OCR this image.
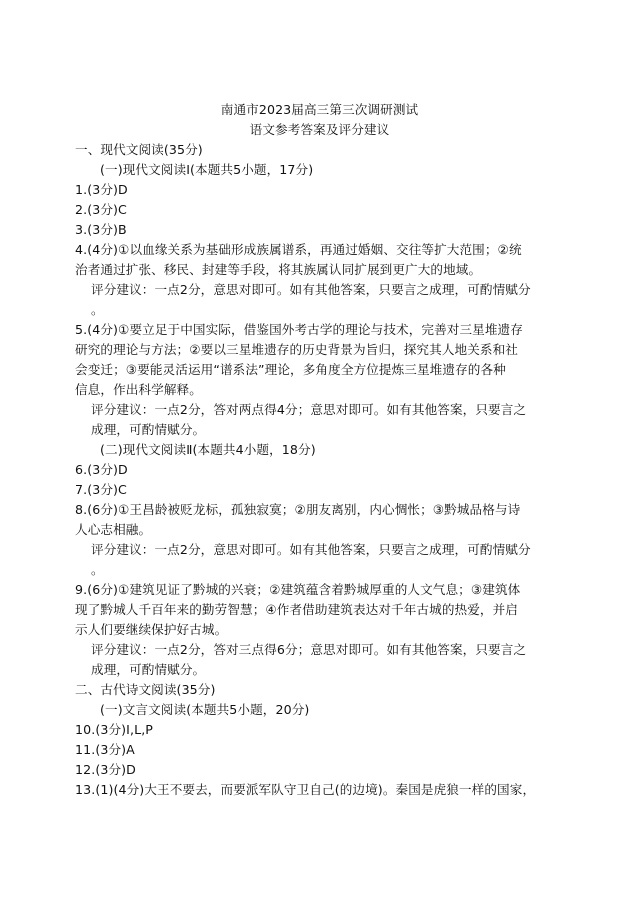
南通市2023届高三第三次调研测试
语文参考答案及评分建议
一、现代文阅读(35分)
(一)现代文阅读Ⅰ(本题共5小题，17分)
1.(3分)D
2.(3分)C
3.(3分)B
4.(4分)①以血缘关系为基础形成族属谱系，再通过婚姻、交往等扩大范围；②统
治者通过扩张、移民、封建等手段，将其族属认同扩展到更广大的地域。
评分建议：一点2分，意思对即可。如有其他答案，只要言之成理，可酌情赋分
。
5.(4分)①要立足于中国实际，借鉴国外考古学的理论与技术，完善对三星堆遗存
研究的理论与方法；②要以三星堆遗存的历史背景为旨归，探究其人地关系和社
会变迁；③要能灵活运用“谱系法”理论，多角度全方位提炼三星堆遗存的各种
信息，作出科学解释。
评分建议：一点2分，答对两点得4分；意思对即可。如有其他答案，只要言之
成理，可酌情赋分。
(二)现代文阅读Ⅱ(本题共4小题，18分)
6.(3分)D
7.(3分)C
8.(6分)①王昌龄被贬龙标，孤独寂寞；②朋友离别，内心惆怅；③黔城品格与诗
人心志相融。
评分建议：一点2分，意思对即可。如有其他答案，只要言之成理，可酌情赋分
。
9.(6分)①建筑见证了黔城的兴衰；②建筑蕴含着黔城厚重的人文气息；③建筑体
现了黔城人千百年来的勤劳智慧；④作者借助建筑表达对千年古城的热爱，并启
示人们要继续保护好古城。
评分建议：一点2分，答对三点得6分；意思对即可。如有其他答案，只要言之
成理，可酌情赋分。
二、古代诗文阅读(35分)
(一)文言文阅读(本题共5小题，20分)
10.(3分)I,L,P
11.(3分)A
12.(3分)D
13.(1)(4分)大王不要去，而要派军队守卫自己(的边境)。秦国是虎狼一样的国家，
